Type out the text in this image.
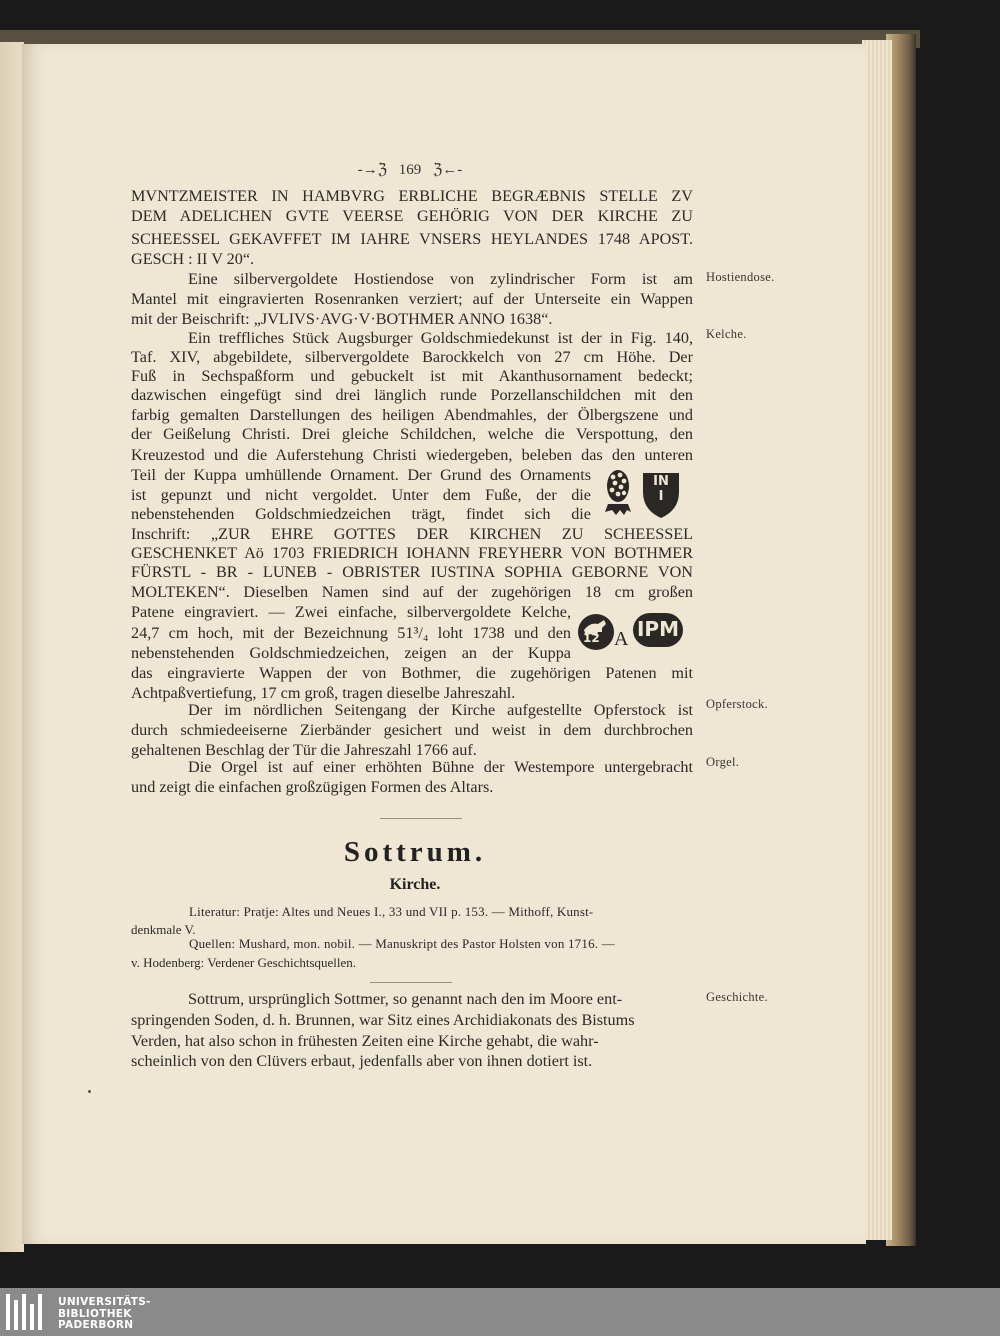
-→ℨ 169 ℨ←-
MVNTZMEISTER IN HAMBVRG ERBLICHE BEGRÆBNIS STELLE ZV
DEM ADELICHEN GVTE VEERSE GEHÖRIG VON DER KIRCHE ZU
SCHEESSEL GEKAVFFET IM IAHRE VNSERS HEYLANDES 1748 APOST.
GESCH : II V 20“.
Eine silbervergoldete Hostiendose von zylindrischer Form ist am
Mantel mit eingravierten Rosenranken verziert; auf der Unterseite ein Wappen
mit der Beischrift: „JVLIVS·AVG·V·BOTHMER ANNO 1638“.
Ein treffliches Stück Augsburger Goldschmiedekunst ist der in Fig. 140,
Taf. XIV, abgebildete, silbervergoldete Barockkelch von 27 cm Höhe. Der
Fuß in Sechspaßform und gebuckelt ist mit Akanthusornament bedeckt;
dazwischen eingefügt sind drei länglich runde Porzellanschildchen mit den
farbig gemalten Darstellungen des heiligen Abendmahles, der Ölbergszene und
der Geißelung Christi. Drei gleiche Schildchen, welche die Verspottung, den
Kreuzestod und die Auferstehung Christi wiedergeben, beleben das den unteren
Teil der Kuppa umhüllende Ornament. Der Grund des Ornaments
ist gepunzt und nicht vergoldet. Unter dem Fuße, der die
nebenstehenden Goldschmiedzeichen trägt, findet sich die
Inschrift: „ZUR EHRE GOTTES DER KIRCHEN ZU SCHEESSEL
GESCHENKET Aö 1703 FRIEDRICH IOHANN FREYHERR VON BOTHMER
FÜRSTL - BR - LUNEB - OBRISTER IUSTINA SOPHIA GEBORNE VON
MOLTEKEN“. Dieselben Namen sind auf der zugehörigen 18 cm großen
Patene eingraviert. — Zwei einfache, silbervergoldete Kelche,
24,7 cm hoch, mit der Bezeichnung 51³/₄ loht 1738 und den
nebenstehenden Goldschmiedzeichen, zeigen an der Kuppa
das eingravierte Wappen der von Bothmer, die zugehörigen Patenen mit
Achtpaßvertiefung, 17 cm groß, tragen dieselbe Jahreszahl.
Der im nördlichen Seitengang der Kirche aufgestellte Opferstock ist
durch schmiedeeiserne Zierbänder gesichert und weist in dem durchbrochen
gehaltenen Beschlag der Tür die Jahreszahl 1766 auf.
Die Orgel ist auf einer erhöhten Bühne der Westempore untergebracht
und zeigt die einfachen großzügigen Formen des Altars.
Hostiendose.
Kelche.
Opferstock.
Orgel.
Geschichte.
IN I
12 A IPM
Sottrum.
Kirche.
Literatur: Pratje: Altes und Neues I., 33 und VII p. 153. — Mithoff, Kunst-
denkmale V.
Quellen: Mushard, mon. nobil. — Manuskript des Pastor Holsten von 1716. —
v. Hodenberg: Verdener Geschichtsquellen.
Sottrum, ursprünglich Sottmer, so genannt nach den im Moore ent-
springenden Soden, d. h. Brunnen, war Sitz eines Archidiakonats des Bistums
Verden, hat also schon in frühesten Zeiten eine Kirche gehabt, die wahr-
scheinlich von den Clüvers erbaut, jedenfalls aber von ihnen dotiert ist.
UNIVERSITÄTS-
BIBLIOTHEK
PADERBORN
